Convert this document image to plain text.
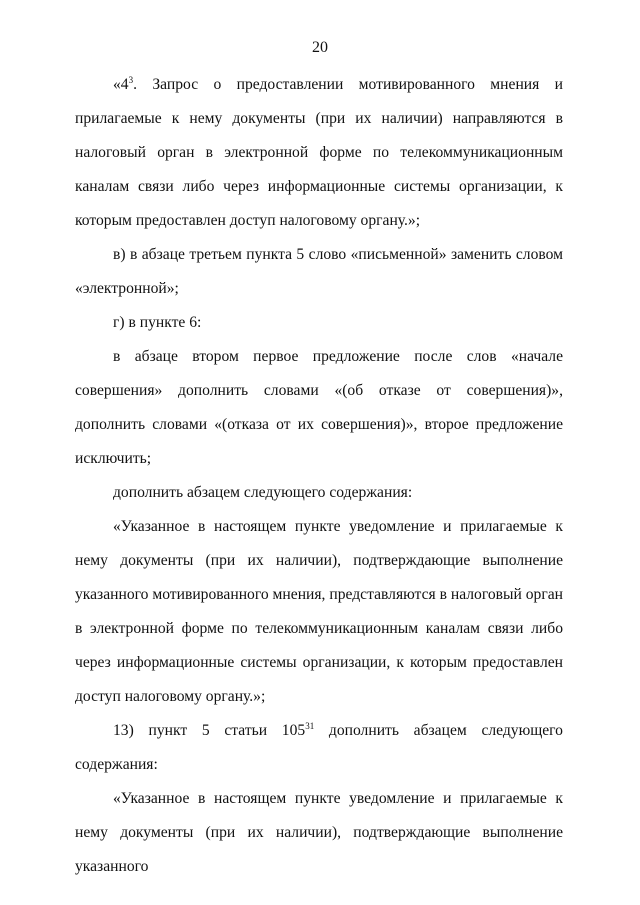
20

«$4^3$. Запрос о предоставлении мотивированного мнения и прилагаемые к нему документы (при их наличии) направляются в налоговый орган в электронной форме по телекоммуникационным каналам связи либо через информационные системы организации, к которым предоставлен доступ налоговому органу.»;

в) в абзаце третьем пункта 5 слово «письменной» заменить словом «электронной»;

г) в пункте 6:

в абзаце втором первое предложение после слов «начале совершения» дополнить словами «(об отказе от совершения)», дополнить словами «(отказа от их совершения)», второе предложение исключить;

дополнить абзацем следующего содержания:

«Указанное в настоящем пункте уведомление и прилагаемые к нему документы (при их наличии), подтверждающие выполнение указанного мотивированного мнения, представляются в налоговый орган в электронной форме по телекоммуникационным каналам связи либо через информационные системы организации, к которым предоставлен доступ налоговому органу.»;

13) пункт 5 статьи $105^{31}$ дополнить абзацем следующего содержания:

«Указанное в настоящем пункте уведомление и прилагаемые к нему документы (при их наличии), подтверждающие выполнение указанного
